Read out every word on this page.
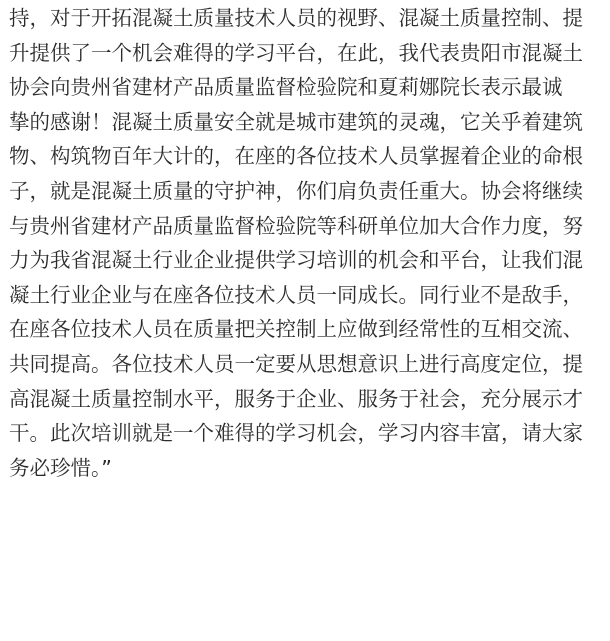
持，对于开拓混凝土质量技术人员的视野、混凝土质量控制、提
升提供了一个机会难得的学习平台，在此，我代表贵阳市混凝土
协会向贵州省建材产品质量监督检验院和夏莉娜院长表示最诚
挚的感谢！混凝土质量安全就是城市建筑的灵魂，它关乎着建筑
物、构筑物百年大计的，在座的各位技术人员掌握着企业的命根
子，就是混凝土质量的守护神，你们肩负责任重大。协会将继续
与贵州省建材产品质量监督检验院等科研单位加大合作力度，努
力为我省混凝土行业企业提供学习培训的机会和平台，让我们混
凝土行业企业与在座各位技术人员一同成长。同行业不是敌手，
在座各位技术人员在质量把关控制上应做到经常性的互相交流、
共同提高。各位技术人员一定要从思想意识上进行高度定位，提
高混凝土质量控制水平，服务于企业、服务于社会，充分展示才
干。此次培训就是一个难得的学习机会，学习内容丰富，请大家
务必珍惜。”
